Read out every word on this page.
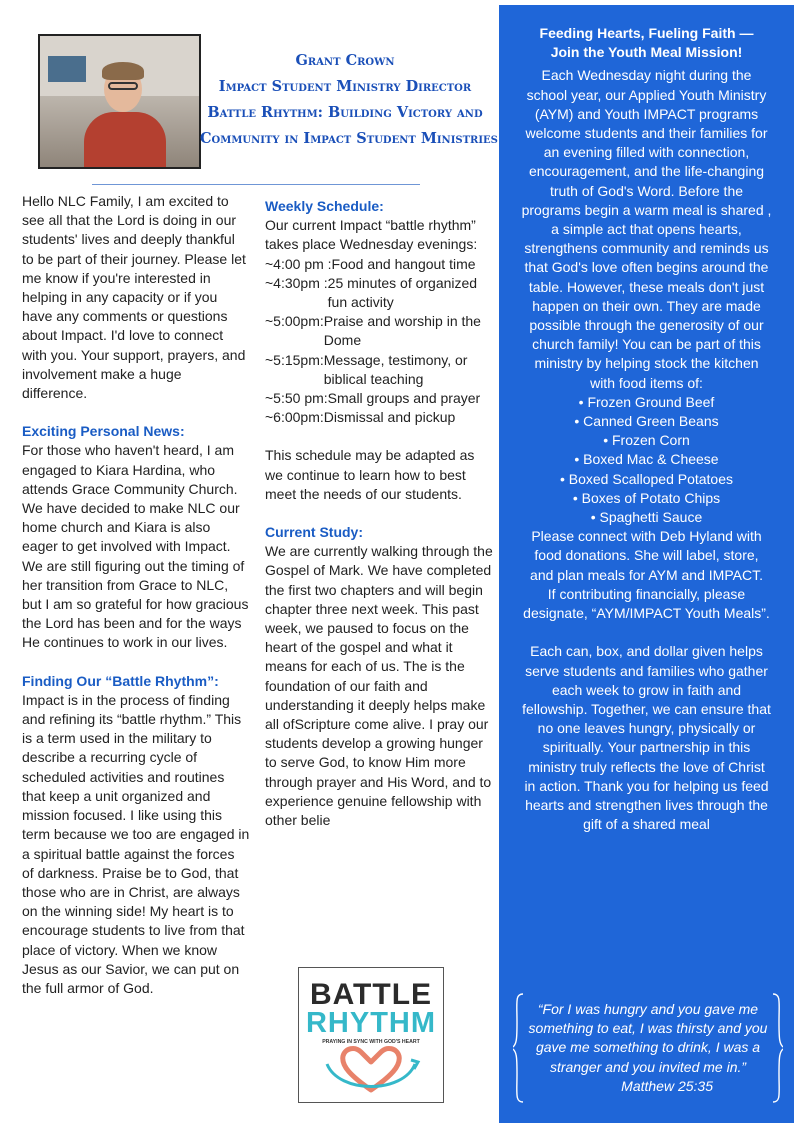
Grant Crown
Impact Student Ministry Director
Battle Rhythm: Building Victory and
Community in Impact Student Ministries

Hello NLC Family, I am excited to see all that the Lord is doing in our students' lives and deeply thankful to be part of their journey. Please let me know if you're interested in helping in any capacity or if you have any comments or questions about Impact. I'd love to connect with you. Your support, prayers, and involvement make a huge difference.

Exciting Personal News:

For those who haven't heard, I am engaged to Kiara Hardina, who attends Grace Community Church. We have decided to make NLC our home church and Kiara is also eager to get involved with Impact. We are still figuring out the timing of her transition from Grace to NLC, but I am so grateful for how gracious the Lord has been and for the ways He continues to work in our lives.

Finding Our “Battle Rhythm”:

Impact is in the process of finding and refining its “battle rhythm.” This is a term used in the military to describe a recurring cycle of scheduled activities and routines that keep a unit organized and mission focused. I like using this term because we too are engaged in a spiritual battle against the forces of darkness. Praise be to God, that those who are in Christ, are always on the winning side! My heart is to encourage students to live from that place of victory. When we know Jesus as our Savior, we can put on the full armor of God.

Weekly Schedule:

Our current Impact “battle rhythm” takes place Wednesday evenings:

~4:00 pm : Food and hangout time
~4:30pm : 25 minutes of organized fun activity
~5:00pm: Praise and worship in the Dome
~5:15pm: Message, testimony, or biblical teaching
~5:50 pm: Small groups and prayer
~6:00pm: Dismissal and pickup

This schedule may be adapted as we continue to learn how to best meet the needs of our students.

Current Study:

We are currently walking through the Gospel of Mark. We have completed the first two chapters and will begin chapter three next week. This past week, we paused to focus on the heart of the gospel and what it means for each of us. The is the foundation of our faith and understanding it deeply helps make all ofScripture come alive. I pray our students develop a growing hunger to serve God, to know Him more through prayer and His Word, and to experience genuine fellowship with other belie

BATTLE
RHYTHM
PRAYING IN SYNC WITH GOD'S HEART
Feeding Hearts, Fueling Faith —
Join the Youth Meal Mission!

Each Wednesday night during the school year, our Applied Youth Ministry (AYM) and Youth IMPACT programs welcome students and their families for an evening filled with connection, encouragement, and the life-changing truth of God's Word. Before the programs begin a warm meal is shared , a simple act that opens hearts, strengthens community and reminds us that God's love often begins around the table. However, these meals don't just happen on their own. They are made possible through the generosity of our church family! You can be part of this ministry by helping stock the kitchen with food items of:

• Frozen Ground Beef
• Canned Green Beans
• Frozen Corn
• Boxed Mac & Cheese
• Boxed Scalloped Potatoes
• Boxes of Potato Chips
• Spaghetti Sauce

Please connect with Deb Hyland with food donations. She will label, store, and plan meals for AYM and IMPACT.

If contributing financially, please designate, “AYM/IMPACT Youth Meals”.

Each can, box, and dollar given helps serve students and families who gather each week to grow in faith and fellowship. Together, we can ensure that no one leaves hungry, physically or spiritually. Your partnership in this ministry truly reflects the love of Christ in action. Thank you for helping us feed hearts and strengthen lives through the gift of a shared meal

“For I was hungry and you gave me something to eat, I was thirsty and you gave me something to drink, I was a stranger and you invited me in.”
Matthew 25:35
